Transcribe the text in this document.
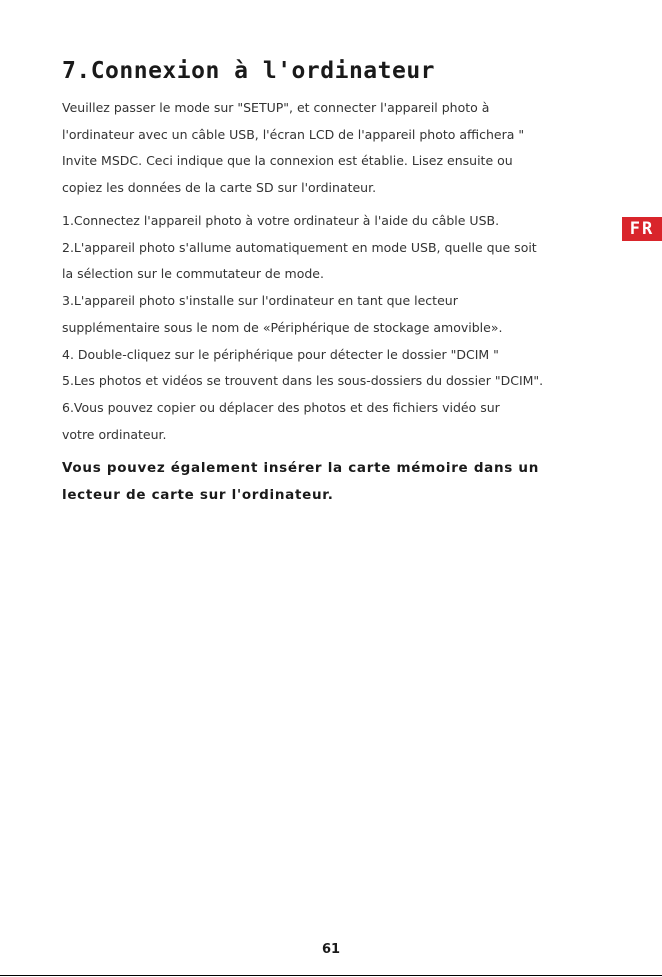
7.Connexion à l'ordinateur

Veuillez passer le mode sur "SETUP", et connecter l'appareil photo à
l'ordinateur avec un câble USB, l'écran LCD de l'appareil photo affichera "
Invite MSDC. Ceci indique que la connexion est établie. Lisez ensuite ou
copiez les données de la carte SD sur l'ordinateur.

FR

1.Connectez l'appareil photo à votre ordinateur à l'aide du câble USB.
2.L'appareil photo s'allume automatiquement en mode USB, quelle que soit
la sélection sur le commutateur de mode.
3.L'appareil photo s'installe sur l'ordinateur en tant que lecteur
supplémentaire sous le nom de «Périphérique de stockage amovible».
4. Double-cliquez sur le périphérique pour détecter le dossier "DCIM "
5.Les photos et vidéos se trouvent dans les sous-dossiers du dossier "DCIM".
6.Vous pouvez copier ou déplacer des photos et des fichiers vidéo sur
votre ordinateur.

Vous pouvez également insérer la carte mémoire dans un
lecteur de carte sur l'ordinateur.

61
